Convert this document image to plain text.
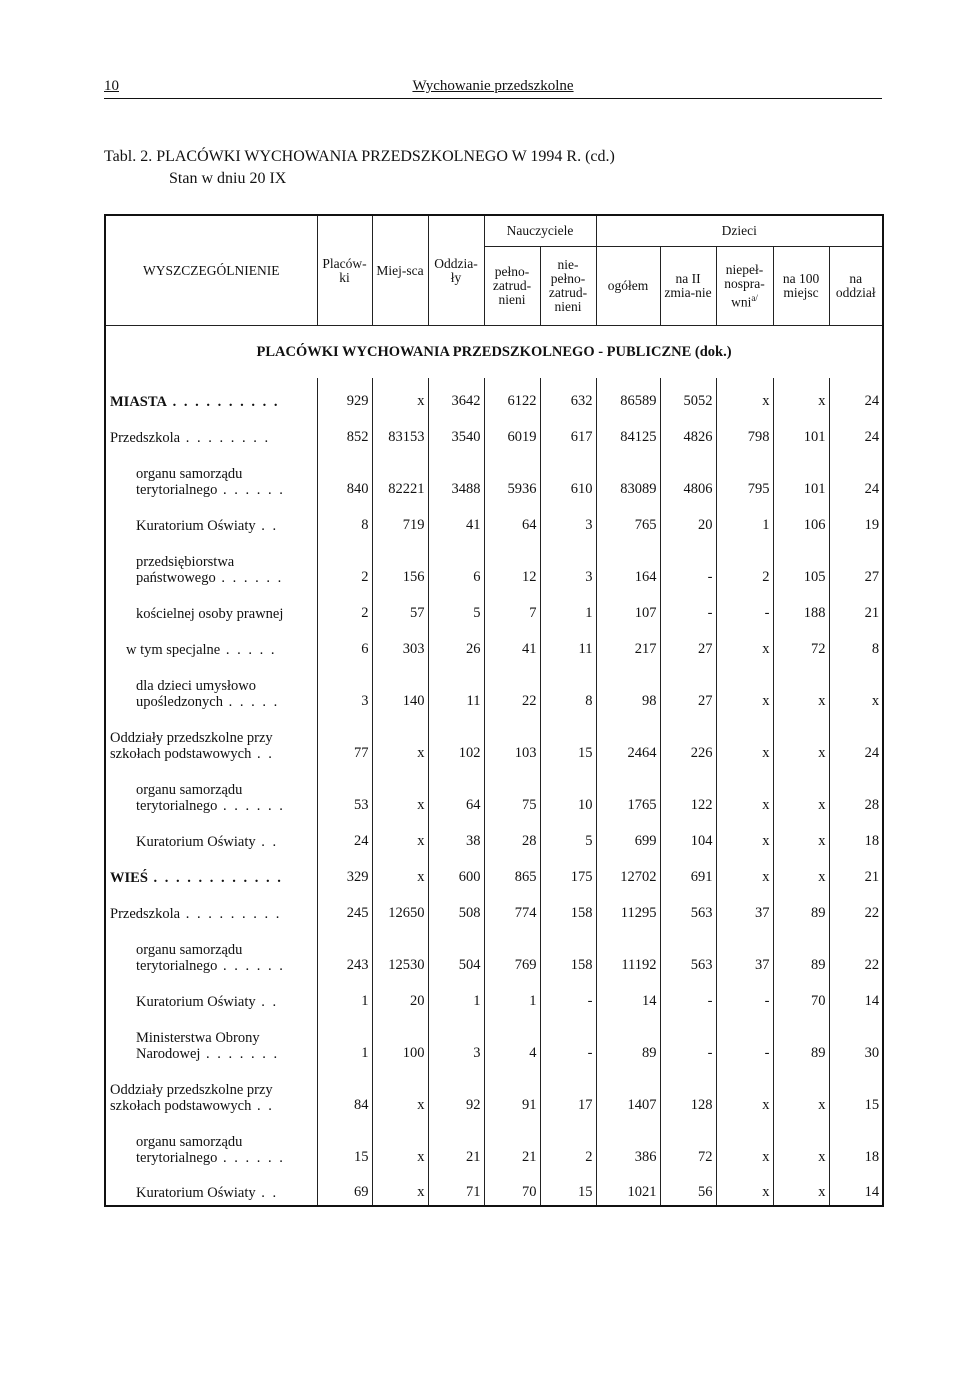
10	Wychowanie przedszkolne
Tabl. 2. PLACÓWKI WYCHOWANIA PRZEDSZKOLNEGO W 1994 R. (cd.)
Stan w dniu 20 IX
WYSZCZEGÓLNIENIE	Placów-ki	Miej-sca	Oddzia-ły	Nauczyciele		Dzieci				
				pełno-zatrud-nieni	nie-pełno-zatrud-nieni	ogółem	na II zmia-nie	niepeł-nospra-wni$^{a/}$	na 100 miejsc	na oddział
PLACÓWKI WYCHOWANIA PRZEDSZKOLNEGO - PUBLICZNE (dok.)										
MIASTA . . . . . . . . . .	929	x	3642	6122	632	86589	5052	x	x	24
Przedszkola . . . . . . . .	852	83153	3540	6019	617	84125	4826	798	101	24

organu samorządu
terytorialnego . . . . . .	840	82221	3488	5936	610	83089	4806	795	101	24
Kuratorium Oświaty . .	8	719	41	64	3	765	20	1	106	19

przedsiębiorstwa
państwowego . . . . . .	2	156	6	12	3	164	-	2	105	27
kościelnej osoby prawnej	2	57	5	7	1	107	-	-	188	21
w tym specjalne . . . . .	6	303	26	41	11	217	27	x	72	8

dla dzieci umysłowo
upośledzonych . . . . .	3	140	11	22	8	98	27	x	x	x

Oddziały przedszkolne przy
szkołach podstawowych . .	77	x	102	103	15	2464	226	x	x	24

organu samorządu
terytorialnego . . . . . .	53	x	64	75	10	1765	122	x	x	28
Kuratorium Oświaty . .	24	x	38	28	5	699	104	x	x	18
WIEŚ . . . . . . . . . . . .	329	x	600	865	175	12702	691	x	x	21
Przedszkola . . . . . . . . .	245	12650	508	774	158	11295	563	37	89	22

organu samorządu
terytorialnego . . . . . .	243	12530	504	769	158	11192	563	37	89	22
Kuratorium Oświaty . .	1	20	1	1	-	14	-	-	70	14

Ministerstwa Obrony
Narodowej . . . . . . .	1	100	3	4	-	89	-	-	89	30

Oddziały przedszkolne przy
szkołach podstawowych . .	84	x	92	91	17	1407	128	x	x	15

organu samorządu
terytorialnego . . . . . .	15	x	21	21	2	386	72	x	x	18
Kuratorium Oświaty . .	69	x	71	70	15	1021	56	x	x	14
